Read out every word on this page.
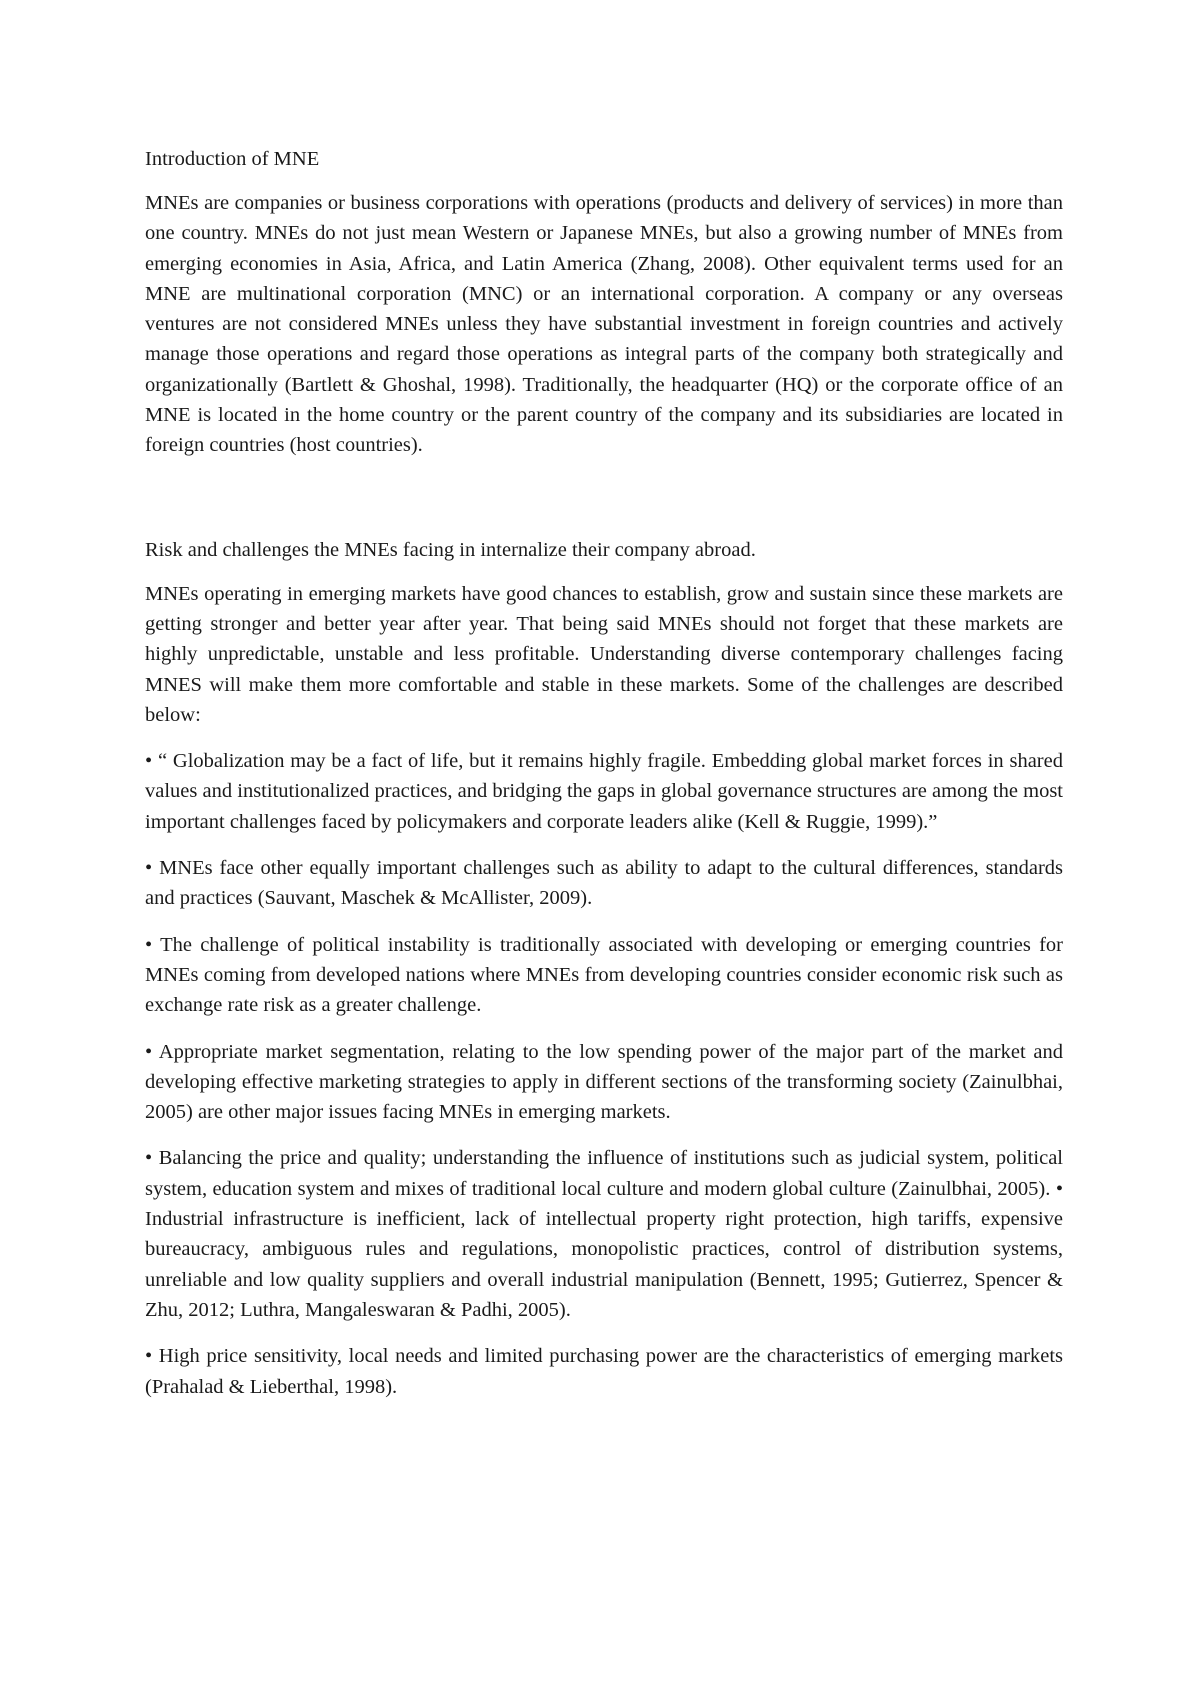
Introduction of MNE

MNEs are companies or business corporations with operations (products and delivery of services) in more than one country. MNEs do not just mean Western or Japanese MNEs, but also a growing number of MNEs from emerging economies in Asia, Africa, and Latin America (Zhang, 2008). Other equivalent terms used for an MNE are multinational corporation (MNC) or an international corporation. A company or any overseas ventures are not considered MNEs unless they have substantial investment in foreign countries and actively manage those operations and regard those operations as integral parts of the company both strategically and organizationally (Bartlett & Ghoshal, 1998). Traditionally, the headquarter (HQ) or the corporate office of an MNE is located in the home country or the parent country of the company and its subsidiaries are located in foreign countries (host countries).

Risk and challenges the MNEs facing in internalize their company abroad.

MNEs operating in emerging markets have good chances to establish, grow and sustain since these markets are getting stronger and better year after year. That being said MNEs should not forget that these markets are highly unpredictable, unstable and less profitable. Understanding diverse contemporary challenges facing MNES will make them more comfortable and stable in these markets. Some of the challenges are described below:

• “ Globalization may be a fact of life, but it remains highly fragile. Embedding global market forces in shared values and institutionalized practices, and bridging the gaps in global governance structures are among the most important challenges faced by policymakers and corporate leaders alike (Kell & Ruggie, 1999).”

• MNEs face other equally important challenges such as ability to adapt to the cultural differences, standards and practices (Sauvant, Maschek & McAllister, 2009).

• The challenge of political instability is traditionally associated with developing or emerging countries for MNEs coming from developed nations where MNEs from developing countries consider economic risk such as exchange rate risk as a greater challenge.

• Appropriate market segmentation, relating to the low spending power of the major part of the market and developing effective marketing strategies to apply in different sections of the transforming society (Zainulbhai, 2005) are other major issues facing MNEs in emerging markets.

• Balancing the price and quality; understanding the influence of institutions such as judicial system, political system, education system and mixes of traditional local culture and modern global culture (Zainulbhai, 2005). • Industrial infrastructure is inefficient, lack of intellectual property right protection, high tariffs, expensive bureaucracy, ambiguous rules and regulations, monopolistic practices, control of distribution systems, unreliable and low quality suppliers and overall industrial manipulation (Bennett, 1995; Gutierrez, Spencer & Zhu, 2012; Luthra, Mangaleswaran & Padhi, 2005).

• High price sensitivity, local needs and limited purchasing power are the characteristics of emerging markets (Prahalad & Lieberthal, 1998).
